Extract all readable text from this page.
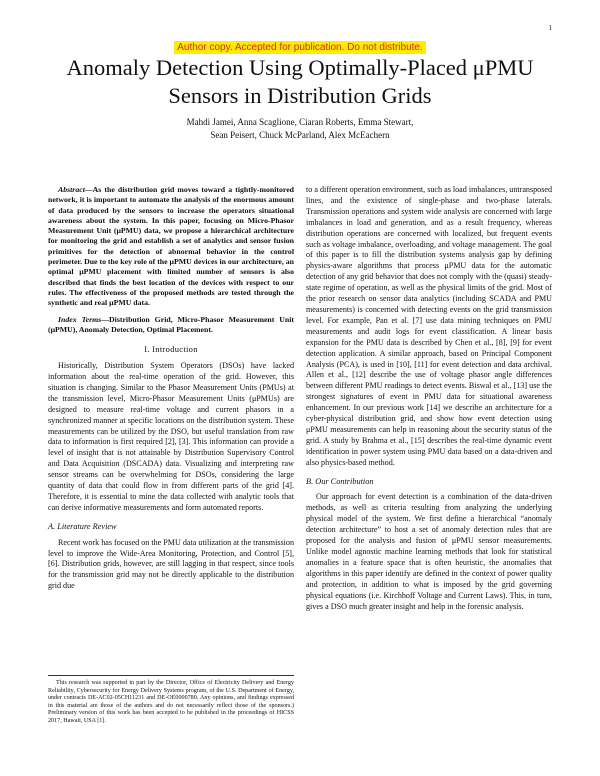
1
Author copy. Accepted for publication. Do not distribute.
Anomaly Detection Using Optimally-Placed μPMU Sensors in Distribution Grids
Mahdi Jamei, Anna Scaglione, Ciaran Roberts, Emma Stewart,
Sean Peisert, Chuck McParland, Alex McEachern

Abstract—As the distribution grid moves toward a tightly-monitored network, it is important to automate the analysis of the enormous amount of data produced by the sensors to increase the operators situational awareness about the system. In this paper, focusing on Micro-Phasor Measurement Unit (μPMU) data, we propose a hierarchical architecture for monitoring the grid and establish a set of analytics and sensor fusion primitives for the detection of abnormal behavior in the control perimeter. Due to the key role of the μPMU devices in our architecture, an optimal μPMU placement with limited number of sensors is also described that finds the best location of the devices with respect to our rules. The effectiveness of the proposed methods are tested through the synthetic and real μPMU data.

Index Terms—Distribution Grid, Micro-Phasor Measurement Unit (μPMU), Anomaly Detection, Optimal Placement.

I. Introduction

Historically, Distribution System Operators (DSOs) have lacked information about the real-time operation of the grid. However, this situation is changing. Similar to the Phasor Measurement Units (PMUs) at the transmission level, Micro-Phasor Measurement Units (μPMUs) are designed to measure real-time voltage and current phasors in a synchronized manner at specific locations on the distribution system. These measurements can be utilized by the DSO, but useful translation from raw data to information is first required [2], [3]. This information can provide a level of insight that is not attainable by Distribution Supervisory Control and Data Acquisition (DSCADA) data. Visualizing and interpreting raw sensor streams can be overwhelming for DSOs, considering the large quantity of data that could flow in from different parts of the grid [4]. Therefore, it is essential to mine the data collected with analytic tools that can derive informative measurements and form automated reports.

A. Literature Review

Recent work has focused on the PMU data utilization at the transmission level to improve the Wide-Area Monitoring, Protection, and Control [5], [6]. Distribution grids, however, are still lagging in that respect, since tools for the transmission grid may not be directly applicable to the distribution grid due

This research was supported in part by the Director, Office of Electricity Delivery and Energy Reliability, Cybersecurity for Energy Delivery Systems program, of the U.S. Department of Energy, under contracts DE-AC02-05CH11231 and DE-OE0000780. Any opinions, and findings expressed in this material are those of the authors and do not necessarily reflect those of the sponsors.) Preliminary version of this work has been accepted to be published in the proceedings of HICSS 2017, Hawaii, USA [1].

to a different operation environment, such as load imbalances, untransposed lines, and the existence of single-phase and two-phase laterals. Transmission operations and system wide analysis are concerned with large imbalances in load and generation, and as a result frequency, whereas distribution operations are concerned with localized, but frequent events such as voltage imbalance, overloading, and voltage management. The goal of this paper is to fill the distribution systems analysis gap by defining physics-aware algorithms that process μPMU data for the automatic detection of any grid behavior that does not comply with the (quasi) steady-state regime of operation, as well as the physical limits of the grid. Most of the prior research on sensor data analytics (including SCADA and PMU measurements) is concerned with detecting events on the grid transmission level. For example, Pan et al. [7] use data mining techniques on PMU measurements and audit logs for event classification. A linear basis expansion for the PMU data is described by Chen et al., [8], [9] for event detection application. A similar approach, based on Principal Component Analysis (PCA), is used in [10], [11] for event detection and data archival. Allen et al., [12] describe the use of voltage phasor angle differences between different PMU readings to detect events. Biswal et al., [13] use the strongest signatures of event in PMU data for situational awareness enhancement. In our previous work [14] we describe an architecture for a cyber-physical distribution grid, and show how event detection using μPMU measurements can help in reasoning about the security status of the grid. A study by Brahma et al., [15] describes the real-time dynamic event identification in power system using PMU data based on a data-driven and also physics-based method.

B. Our Contribution

Our approach for event detection is a combination of the data-driven methods, as well as criteria resulting from analyzing the underlying physical model of the system. We first define a hierarchical “anomaly detection architecture” to host a set of anomaly detection rules that are proposed for the analysis and fusion of μPMU sensor measurements. Unlike model agnostic machine learning methods that look for statistical anomalies in a feature space that is often heuristic, the anomalies that algorithms in this paper identify are defined in the context of power quality and protection, in addition to what is imposed by the grid governing physical equations (i.e. Kirchhoff Voltage and Current Laws). This, in turn, gives a DSO much greater insight and help in the forensic analysis.
